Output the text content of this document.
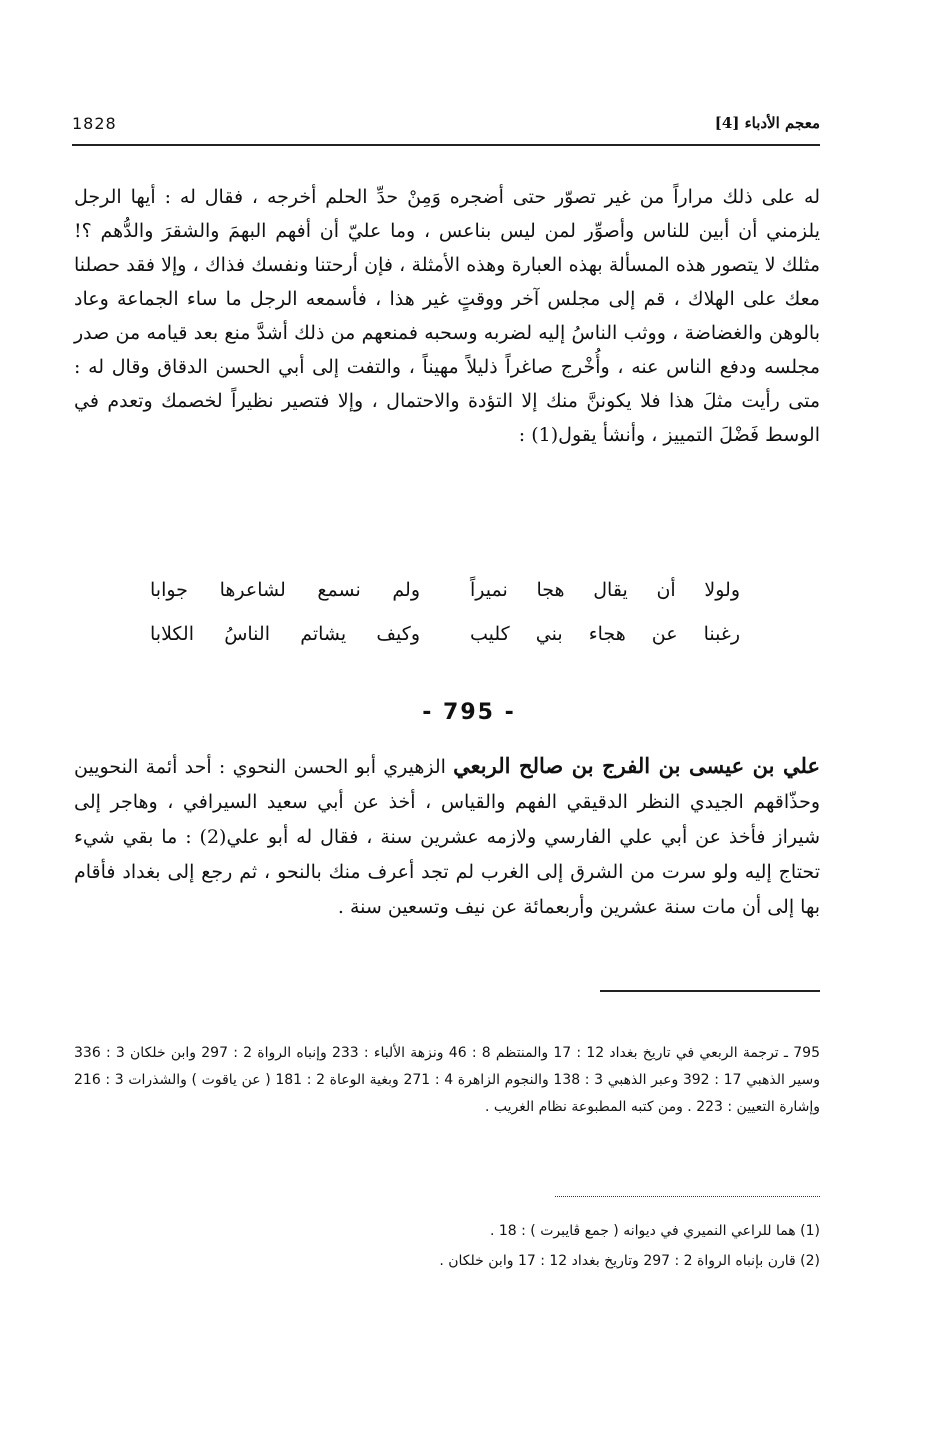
معجم الأدباء [4]
1828

له على ذلك مراراً من غير تصوّر حتى أضجره وَمِنْ حدِّ الحلم أخرجه ، فقال له : أيها الرجل يلزمني أن أبين للناس وأصوِّر لمن ليس بناعس ، وما عليّ أن أفهم البهمَ والشقرَ والدُّهم ؟! مثلك لا يتصور هذه المسألة بهذه العبارة وهذه الأمثلة ، فإن أرحتنا ونفسك فذاك ، وإلا فقد حصلنا معك على الهلاك ، قم إلى مجلس آخر ووقتٍ غير هذا ، فأسمعه الرجل ما ساء الجماعة وعاد بالوهن والغضاضة ، ووثب الناسُ إليه لضربه وسحبه فمنعهم من ذلك أشدَّ منع بعد قيامه من صدر مجلسه ودفع الناس عنه ، وأُخْرج صاغراً ذليلاً مهيناً ، والتفت إلى أبي الحسن الدقاق وقال له : متى رأيت مثلَ هذا فلا يكوننَّ منك إلا التؤدة والاحتمال ، وإلا فتصير نظيراً لخصمك وتعدم في الوسط فَضْلَ التمييز ، وأنشأ يقول(1) :

ولولا أن يقال هجا نميراً
ولم نسمع لشاعرها جوابا
رغبنا عن هجاء بني كليب
وكيف يشاتم الناسُ الكلابا
- 795 -
علي بن عيسى بن الفرج بن صالح الربعي الزهيري أبو الحسن النحوي : أحد أئمة النحويين وحذّاقهم الجيدي النظر الدقيقي الفهم والقياس ، أخذ عن أبي سعيد السيرافي ، وهاجر إلى شيراز فأخذ عن أبي علي الفارسي ولازمه عشرين سنة ، فقال له أبو علي(2) : ما بقي شيء تحتاج إليه ولو سرت من الشرق إلى الغرب لم تجد أعرف منك بالنحو ، ثم رجع إلى بغداد فأقام بها إلى أن مات سنة عشرين وأربعمائة عن نيف وتسعين سنة .

795 ـ ترجمة الربعي في تاريخ بغداد 12 : 17 والمنتظم 8 : 46 ونزهة الألباء : 233 وإنباه الرواة 2 : 297 وابن خلكان 3 : 336 وسير الذهبي 17 : 392 وعبر الذهبي 3 : 138 والنجوم الزاهرة 4 : 271 وبغية الوعاة 2 : 181 ( عن ياقوت ) والشذرات 3 : 216 وإشارة التعيين : 223 . ومن كتبه المطبوعة نظام الغريب .

(1) هما للراعي النميري في ديوانه ( جمع ڤايبرت ) : 18 .

(2) قارن بإنباه الرواة 2 : 297 وتاريخ بغداد 12 : 17 وابن خلكان .
